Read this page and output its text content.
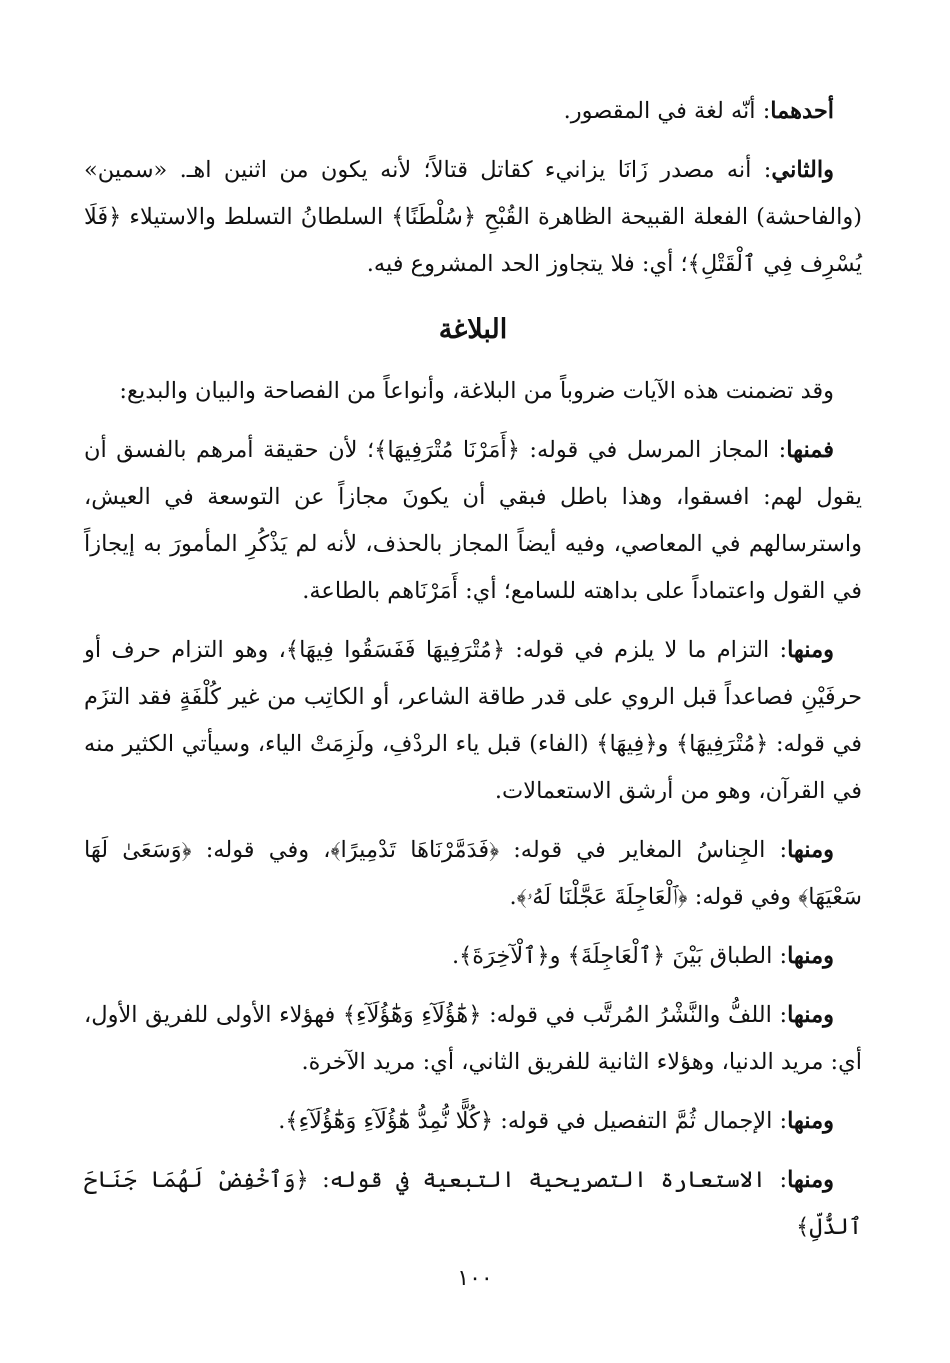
أحدهما: أنّه لغة في المقصور.

والثاني: أنه مصدر زَانَا يزانيء كقاتل قتالاً؛ لأنه يكون من اثنين اهـ. «سمين» (والفاحشة) الفعلة القبيحة الظاهرة القُبْحِ ﴿سُلْطَنًا﴾ السلطانُ التسلط والاستيلاء ﴿فَلَا يُسْرِف فِي ٱلْقَتْلِ﴾؛ أي: فلا يتجاوز الحد المشروع فيه.

البلاغة

وقد تضمنت هذه الآيات ضروباً من البلاغة، وأنواعاً من الفصاحة والبيان والبديع:

فمنها: المجاز المرسل في قوله: ﴿أَمَرْنَا مُتْرَفِيهَا﴾؛ لأن حقيقة أمرهم بالفسق أن يقول لهم: افسقوا، وهذا باطل فبقي أن يكونَ مجازاً عن التوسعة في العيش، واسترسالهم في المعاصي، وفيه أيضاً المجاز بالحذف، لأنه لم يَذْكُرِ المأمورَ به إيجازاً في القول واعتماداً على بداهته للسامع؛ أي: أَمَرْنَاهم بالطاعة.

ومنها: التزام ما لا يلزم في قوله: ﴿مُتْرَفِيهَا فَفَسَقُوا فِيهَا﴾، وهو التزام حرف أو حرفَيْنِ فصاعداً قبل الروي على قدر طاقة الشاعر، أو الكاتِب من غير كُلْفَةٍ فقد التزَم في قوله: ﴿مُتْرَفِيهَا﴾ و﴿فِيهَا﴾ (الفاء) قبل ياء الردْفِ، ولَزِمَتْ الياء، وسيأتي الكثير منه في القرآن، وهو من أرشق الاستعمالات.

ومنها: الجِناسُ المغاير في قوله: ﴿فَدَمَّرْنَاهَا تَدْمِيرًا﴾، وفي قوله: ﴿وَسَعَىٰ لَهَا سَعْيَهَا﴾ وفي قوله: ﴿ٱلْعَاجِلَةَ عَجَّلْنَا لَهُۥ﴾.

ومنها: الطباق بَيْنَ ﴿ٱلْعَاجِلَةَ﴾ و﴿ٱلْآخِرَةَ﴾.

ومنها: اللفُّ والنَّشْرُ المُرتَّب في قوله: ﴿هَٰٓؤُلَآءِ وَهَٰٓؤُلَآءِ﴾ فهؤلاء الأولى للفريق الأول، أي: مريد الدنيا، وهؤلاء الثانية للفريق الثاني، أي: مريد الآخرة.

ومنها: الإجمال ثُمَّ التفصيل في قوله: ﴿كُلًّا نُّمِدُّ هَٰٓؤُلَآءِ وَهَٰٓؤُلَآءِ﴾.

ومنها: الاستعارة التصريحية التبعية في قوله: ﴿وَٱخْفِضْ لَهُمَا جَنَاحَ ٱلذُّلِّ﴾

١٠٠
